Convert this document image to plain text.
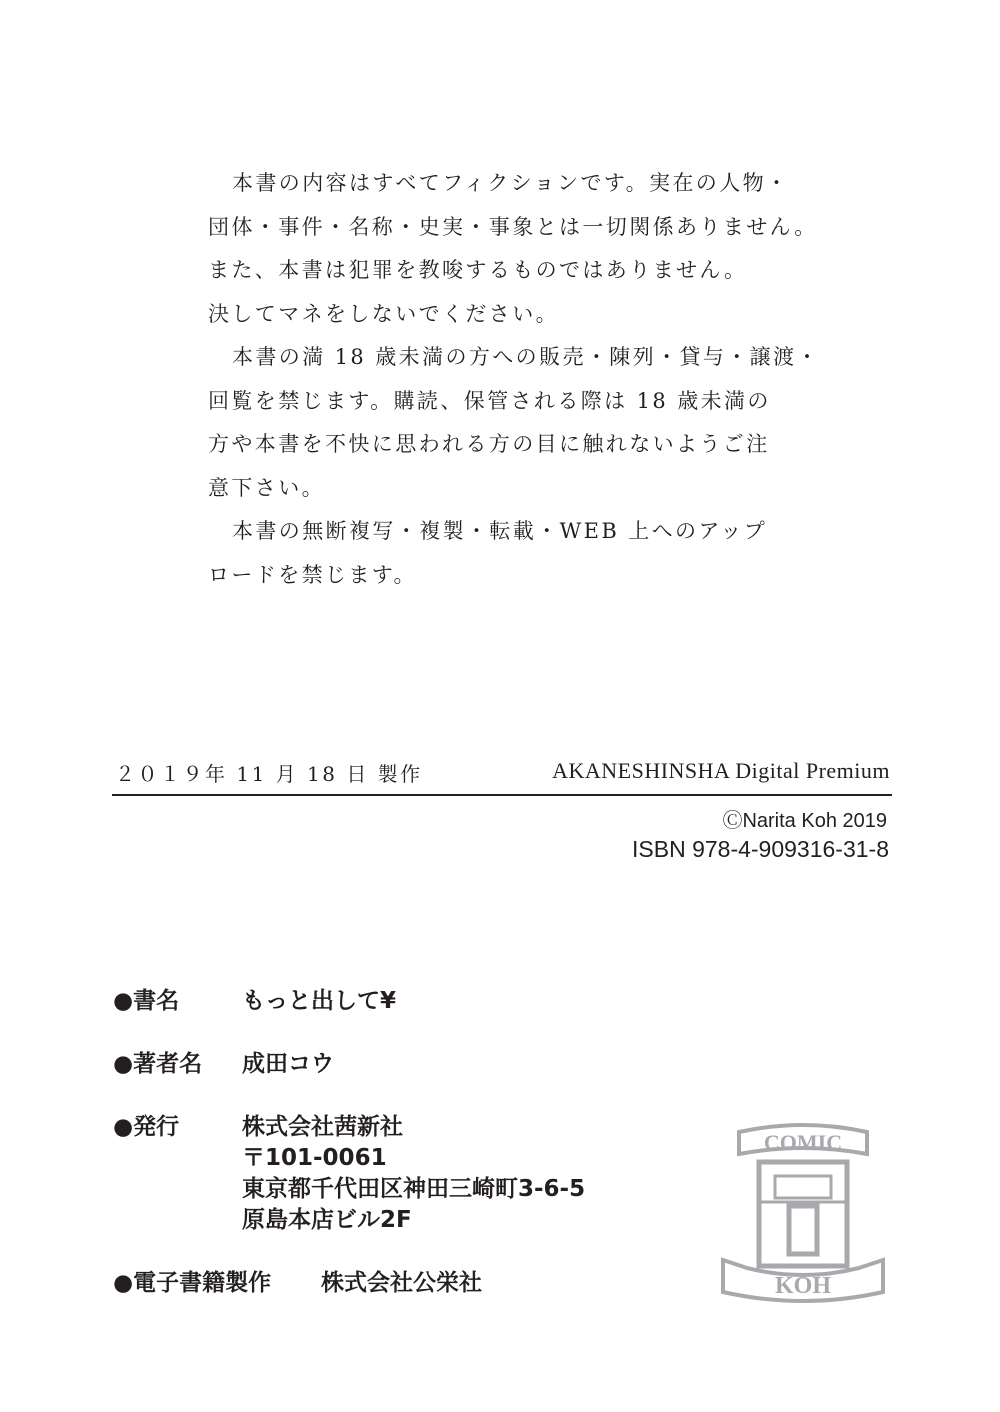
本書の内容はすべてフィクションです。実在の人物・
団体・事件・名称・史実・事象とは一切関係ありません。
また、本書は犯罪を教唆するものではありません。
決してマネをしないでください。
本書の満 18 歳未満の方への販売・陳列・貸与・譲渡・
回覧を禁じます。購読、保管される際は 18 歳未満の
方や本書を不快に思われる方の目に触れないようご注
意下さい。
本書の無断複写・複製・転載・WEB 上へのアップ
ロードを禁じます。
２０１９年 11 月 18 日 製作	AKANESHINSHA Digital Premium
ⒸNarita Koh 2019
ISBN 978-4-909316-31-8
●書名	もっと出して¥
●著者名 成田コウ
●発行	株式会社茜新社
〒101-0061
東京都千代田区神田三崎町3-6-5
原島本店ビル2F
●電子書籍製作 株式会社公栄社
COMIC
KOH
